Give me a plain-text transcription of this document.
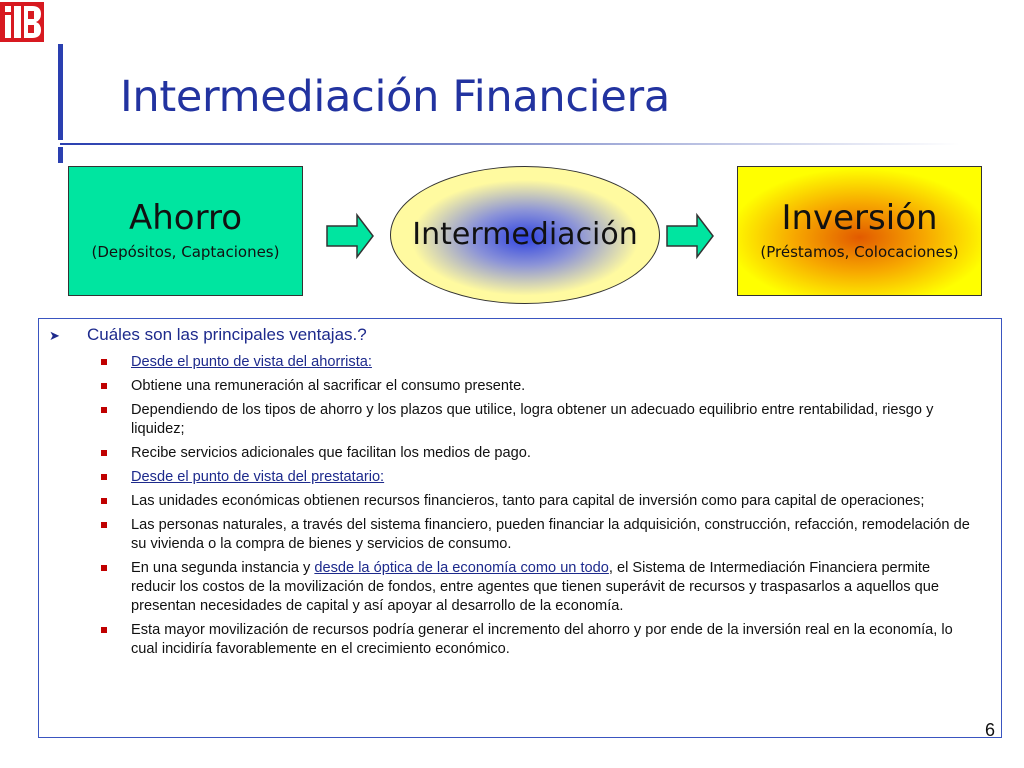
Intermediación Financiera
Ahorro
(Depósitos, Captaciones)	Intermediación	Inversión
(Préstamos, Colocaciones)
➤ Cuáles son las principales ventajas.?
Desde el punto de vista del ahorrista:
Obtiene una remuneración al sacrificar el consumo presente.
Dependiendo de los tipos de ahorro y los plazos que utilice, logra obtener un adecuado equilibrio entre rentabilidad, riesgo y liquidez;
Recibe servicios adicionales que facilitan los medios de pago.
Desde el punto de vista del prestatario:
Las unidades económicas obtienen recursos financieros, tanto para capital de inversión como para capital de operaciones;
Las personas naturales, a través del sistema financiero, pueden financiar la adquisición, construcción, refacción, remodelación de su vivienda o la compra de bienes y servicios de consumo.
En una segunda instancia y desde la óptica de la economía como un todo, el Sistema de Intermediación Financiera permite reducir los costos de la movilización de fondos, entre agentes que tienen superávit de recursos y traspasarlos a aquellos que presentan necesidades de capital y así apoyar al desarrollo de la economía.
Esta mayor movilización de recursos podría generar el incremento del ahorro y por ende de la inversión real en la economía, lo cual incidiría favorablemente en el crecimiento económico.
6
